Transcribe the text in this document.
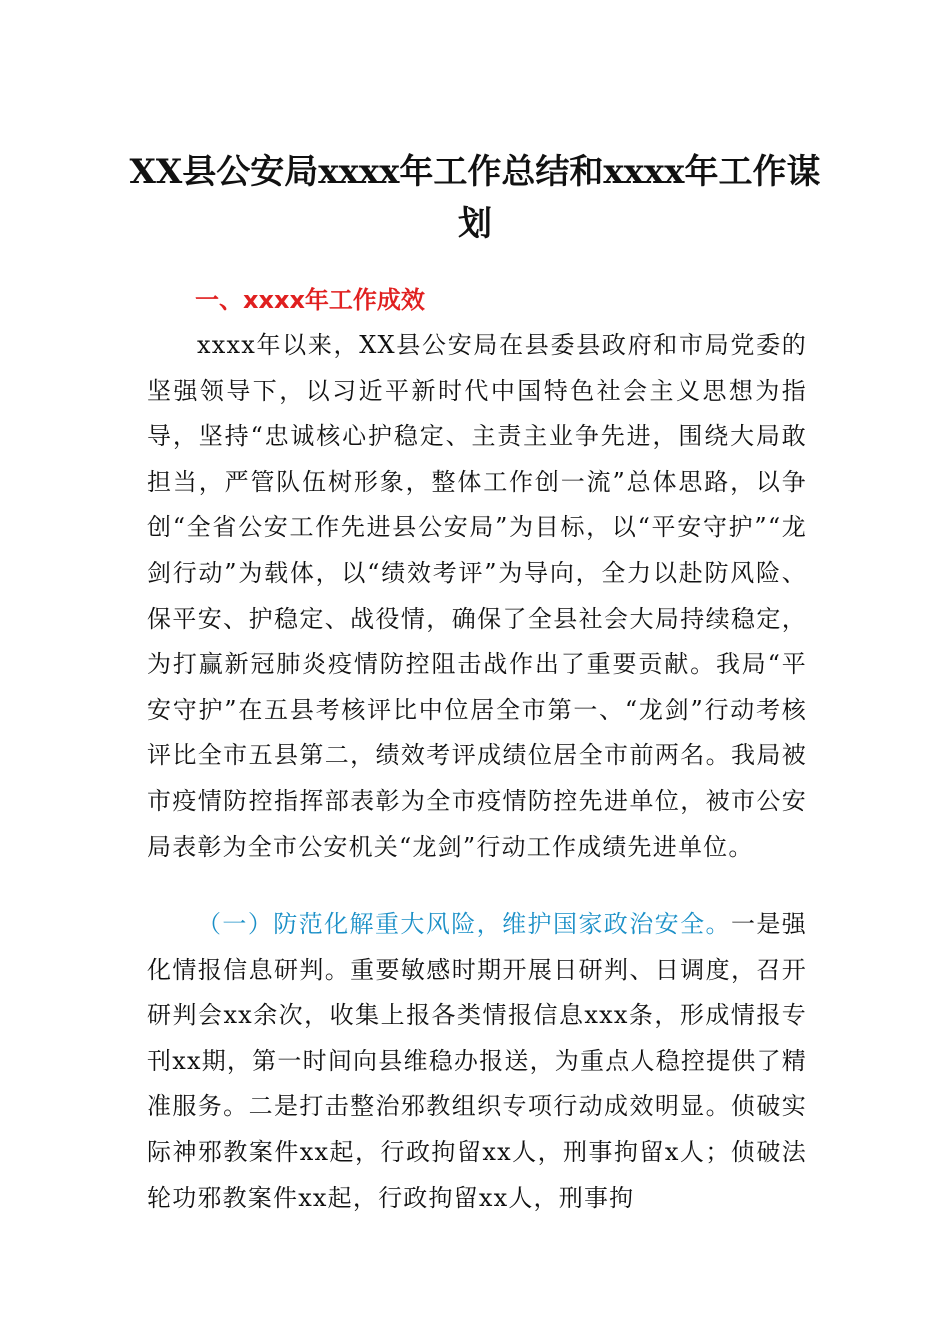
XX县公安局xxxx年工作总结和xxxx年工作谋划
一、xxxx年工作成效

xxxx年以来，XX县公安局在县委县政府和市局党委的坚强领导下，以习近平新时代中国特色社会主义思想为指导，坚持“忠诚核心护稳定、主责主业争先进，围绕大局敢担当，严管队伍树形象，整体工作创一流”总体思路，以争创“全省公安工作先进县公安局”为目标，以“平安守护”“龙剑行动”为载体，以“绩效考评”为导向，全力以赴防风险、保平安、护稳定、战役情，确保了全县社会大局持续稳定，为打赢新冠肺炎疫情防控阻击战作出了重要贡献。我局“平安守护”在五县考核评比中位居全市第一、“龙剑”行动考核评比全市五县第二，绩效考评成绩位居全市前两名。我局被市疫情防控指挥部表彰为全市疫情防控先进单位，被市公安局表彰为全市公安机关“龙剑”行动工作成绩先进单位。

（一）防范化解重大风险，维护国家政治安全。一是强化情报信息研判。重要敏感时期开展日研判、日调度，召开研判会xx余次，收集上报各类情报信息xxx条，形成情报专刊xx期，第一时间向县维稳办报送，为重点人稳控提供了精准服务。二是打击整治邪教组织专项行动成效明显。侦破实际神邪教案件xx起，行政拘留xx人，刑事拘留x人；侦破法轮功邪教案件xx起，行政拘留xx人，刑事拘
